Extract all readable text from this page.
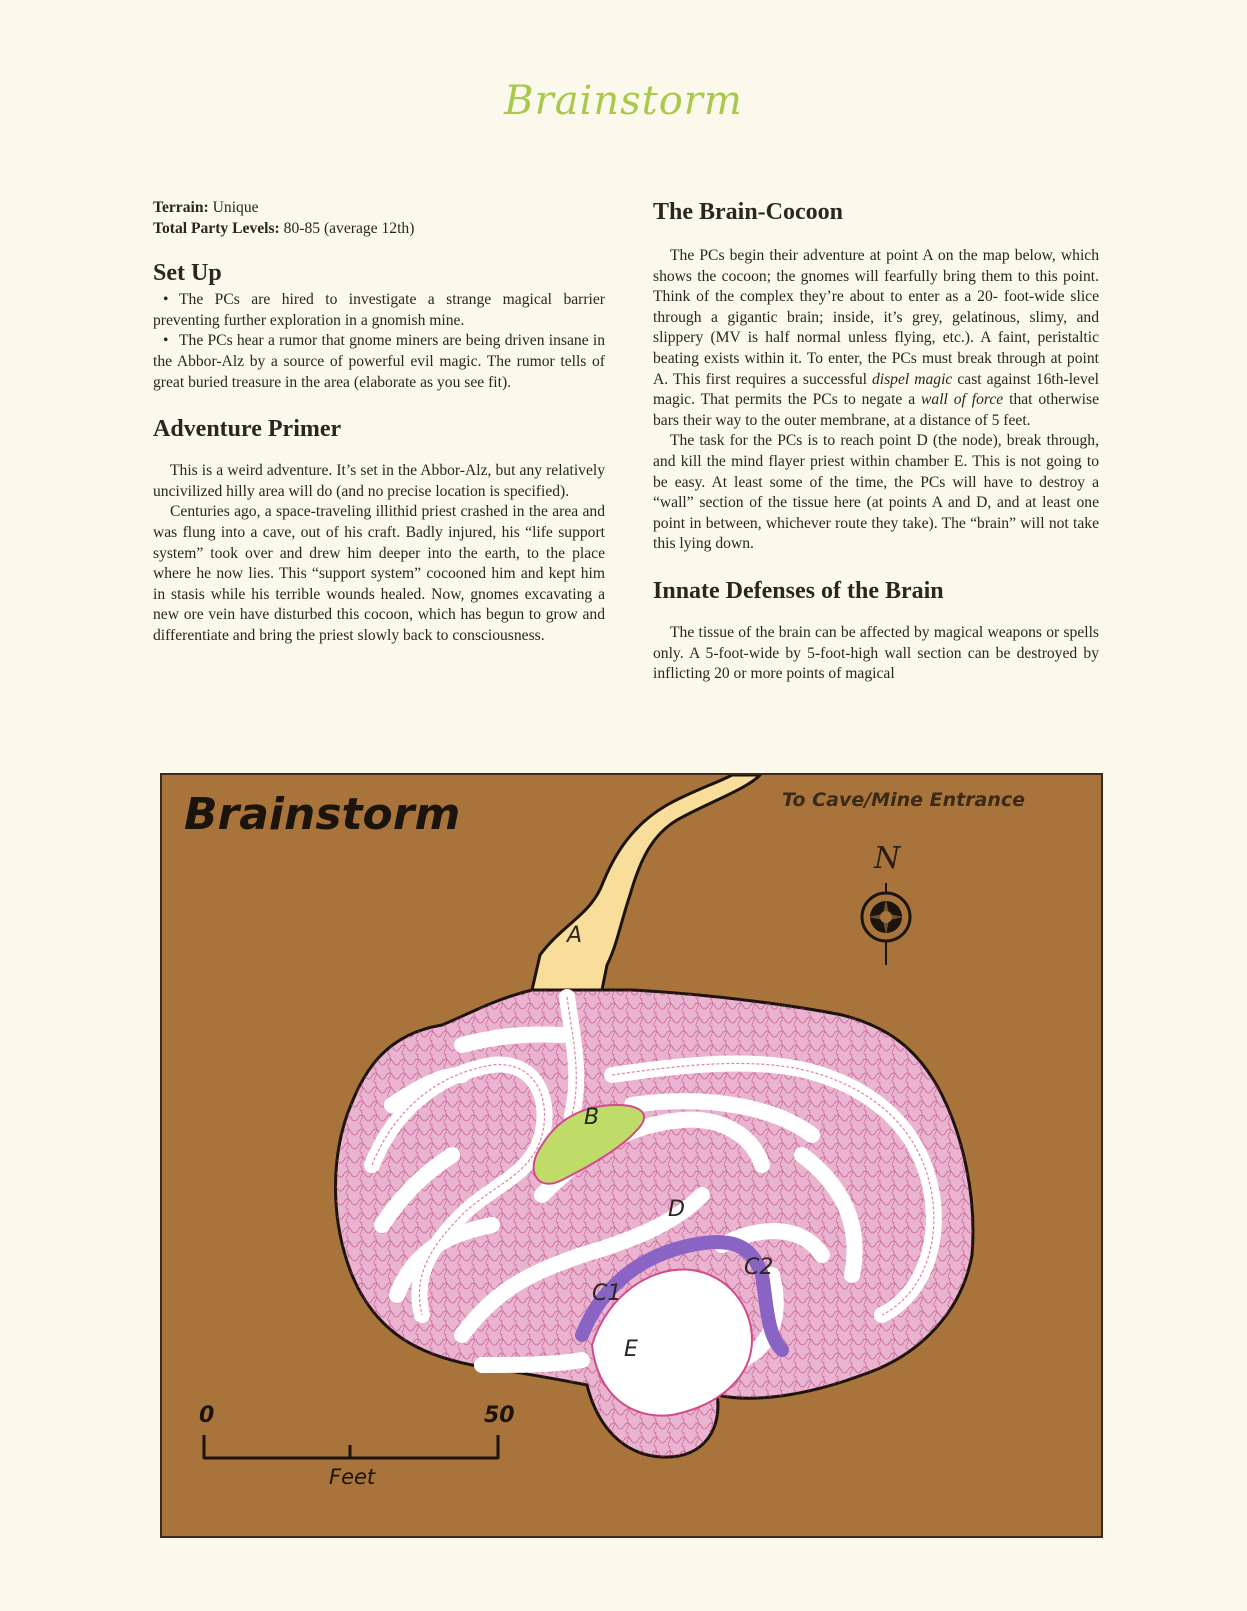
Brainstorm

Terrain: Unique

Total Party Levels: 80-85 (average 12th)

Set Up

• The PCs are hired to investigate a strange magical barrier preventing further exploration in a gnomish mine.

• The PCs hear a rumor that gnome miners are being driven insane in the Abbor-Alz by a source of powerful evil magic. The rumor tells of great buried treasure in the area (elaborate as you see fit).

Adventure Primer

This is a weird adventure. It’s set in the Abbor-Alz, but any relatively uncivilized hilly area will do (and no precise location is specified).

Centuries ago, a space-traveling illithid priest crashed in the area and was flung into a cave, out of his craft. Badly injured, his “life support system” took over and drew him deeper into the earth, to the place where he now lies. This “support system” cocooned him and kept him in stasis while his terrible wounds healed. Now, gnomes excavating a new ore vein have disturbed this cocoon, which has begun to grow and differentiate and bring the priest slowly back to consciousness.

The Brain-Cocoon

The PCs begin their adventure at point A on the map below, which shows the cocoon; the gnomes will fearfully bring them to this point. Think of the complex they’re about to enter as a 20- foot-wide slice through a gigantic brain; inside, it’s grey, gelatinous, slimy, and slippery (MV is half normal unless flying, etc.). A faint, peristaltic beating exists within it. To enter, the PCs must break through at point A. This first requires a successful dispel magic cast against 16th-level magic. That permits the PCs to negate a wall of force that otherwise bars their way to the outer membrane, at a distance of 5 feet.

The task for the PCs is to reach point D (the node), break through, and kill the mind flayer priest within chamber E. This is not going to be easy. At least some of the time, the PCs will have to destroy a “wall” section of the tissue here (at points A and D, and at least one point in between, whichever route they take). The “brain” will not take this lying down.

Innate Defenses of the Brain

The tissue of the brain can be affected by magical weapons or spells only. A 5-foot-wide by 5-foot-high wall section can be destroyed by inflicting 20 or more points of magical

Brainstorm	To Cave/Mine Entrance
N
A
B
C1
C2
D
E
0	50
Feet
